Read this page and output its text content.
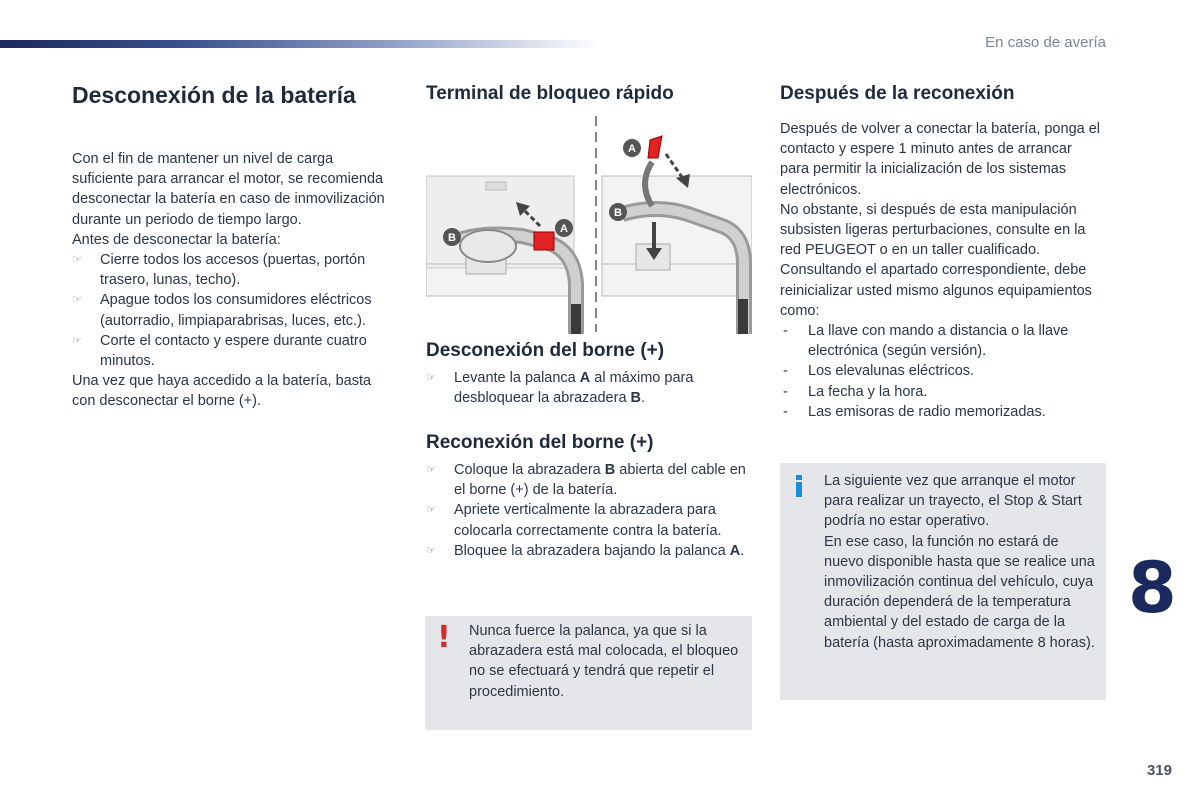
En caso de avería
Desconexión de la batería

Con el fin de mantener un nivel de carga suficiente para arrancar el motor, se recomienda desconectar la batería en caso de inmovilización durante un periodo de tiempo largo.

Antes de desconectar la batería:

☞ Cierre todos los accesos (puertas, portón trasero, lunas, techo).
☞ Apague todos los consumidores eléctricos (autorradio, limpiaparabrisas, luces, etc.).
☞ Corte el contacto y espere durante cuatro minutos.

Una vez que haya accedido a la batería, basta con desconectar el borne (+).

Terminal de bloqueo rápido
A
B
A
B
Desconexión del borne (+)
☞ Levante la palanca A al máximo para desbloquear la abrazadera B.
Reconexión del borne (+)
☞ Coloque la abrazadera B abierta del cable en el borne (+) de la batería.
☞ Apriete verticalmente la abrazadera para colocarla correctamente contra la batería.
☞ Bloquee la abrazadera bajando la palanca A.
! Nunca fuerce la palanca, ya que si la abrazadera está mal colocada, el bloqueo no se efectuará y tendrá que repetir el procedimiento.

Después de la reconexión

Después de volver a conectar la batería, ponga el contacto y espere 1 minuto antes de arrancar para permitir la inicialización de los sistemas electrónicos.

No obstante, si después de esta manipulación subsisten ligeras perturbaciones, consulte en la red PEUGEOT o en un taller cualificado.

Consultando el apartado correspondiente, debe reinicializar usted mismo algunos equipamientos como:

- La llave con mando a distancia o la llave electrónica (según versión).
- Los elevalunas eléctricos.
- La fecha y la hora.
- Las emisoras de radio memorizadas.

La siguiente vez que arranque el motor para realizar un trayecto, el Stop & Start podría no estar operativo.

En ese caso, la función no estará de nuevo disponible hasta que se realice una inmovilización continua del vehículo, cuya duración dependerá de la temperatura ambiental y del estado de carga de la batería (hasta aproximadamente 8 horas).

8
319
